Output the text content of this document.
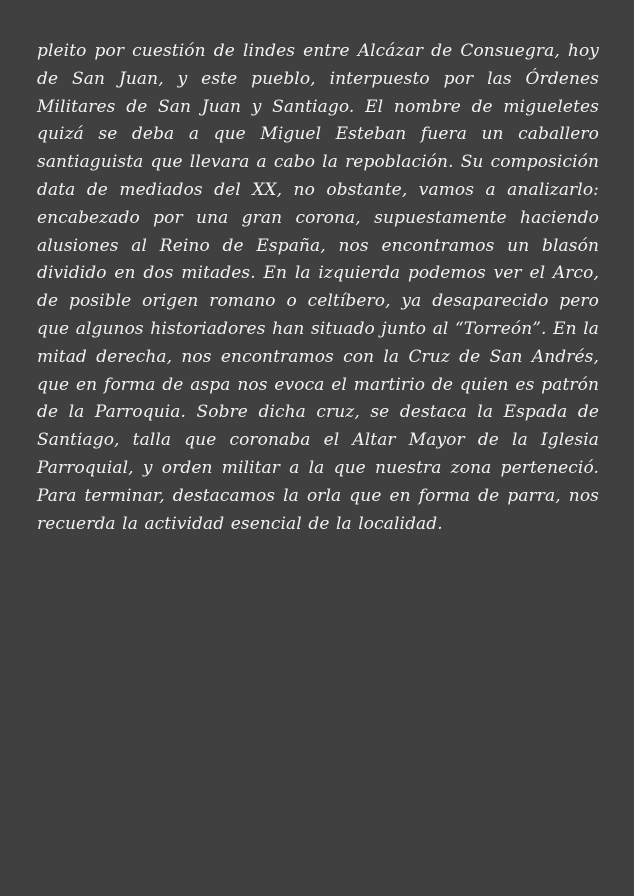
pleito por cuestión de lindes entre Alcázar de Consuegra, hoy de San Juan, y este pueblo, interpuesto por las Órdenes Militares de San Juan y Santiago. El nombre de migueletes quizá se deba a que Miguel Esteban fuera un caballero santiaguista que llevara a cabo la repoblación. Su composición data de mediados del XX, no obstante, vamos a analizarlo: encabezado por una gran corona, supuestamente haciendo alusiones al Reino de España, nos encontramos un blasón dividido en dos mitades. En la izquierda podemos ver el Arco, de posible origen romano o celtíbero, ya desaparecido pero que algunos historiadores han situado junto al “Torreón”. En la mitad derecha, nos encontramos con la Cruz de San Andrés, que en forma de aspa nos evoca el martirio de quien es patrón de la Parroquia. Sobre dicha cruz, se destaca la Espada de Santiago, talla que coronaba el Altar Mayor de la Iglesia Parroquial, y orden militar a la que nuestra zona perteneció. Para terminar, destacamos la orla que en forma de parra, nos recuerda la actividad esencial de la localidad.
